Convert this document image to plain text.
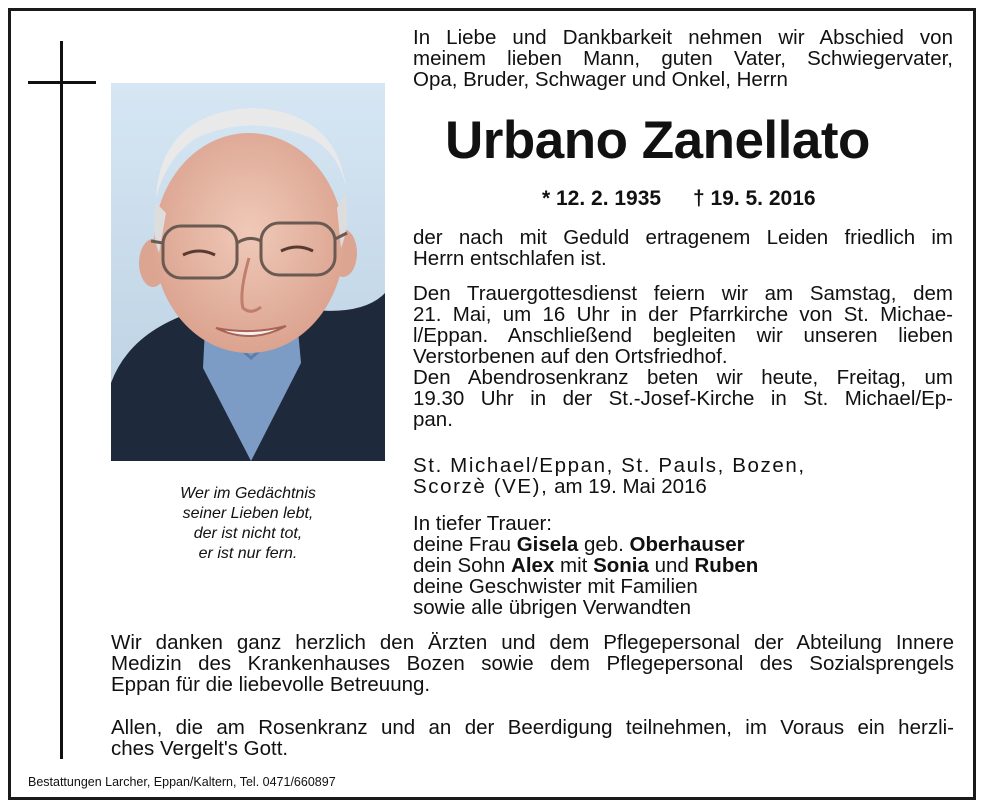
In Liebe und Dankbarkeit nehmen wir Abschied von
meinem lieben Mann, guten Vater, Schwiegervater,
Opa, Bruder, Schwager und Onkel, Herrn
Urbano Zanellato
* 12. 2. 1935 † 19. 5. 2016
der nach mit Geduld ertragenem Leiden friedlich im
Herrn entschlafen ist.
Den Trauergottesdienst feiern wir am Samstag, dem
21. Mai, um 16 Uhr in der Pfarrkirche von St. Michae-
l/Eppan. Anschließend begleiten wir unseren lieben
Verstorbenen auf den Ortsfriedhof.
Den Abendrosenkranz beten wir heute, Freitag, um
19.30 Uhr in der St.-Josef-Kirche in St. Michael/Ep-
pan.
St. Michael/Eppan, St. Pauls, Bozen,
Scorzè (VE), am 19. Mai 2016
In tiefer Trauer:
deine Frau Gisela geb. Oberhauser
dein Sohn Alex mit Sonia und Ruben
deine Geschwister mit Familien
sowie alle übrigen Verwandten
Wer im Gedächtnis
seiner Lieben lebt,
der ist nicht tot,
er ist nur fern.
Wir danken ganz herzlich den Ärzten und dem Pflegepersonal der Abteilung Innere
Medizin des Krankenhauses Bozen sowie dem Pflegepersonal des Sozialsprengels
Eppan für die liebevolle Betreuung.
Allen, die am Rosenkranz und an der Beerdigung teilnehmen, im Voraus ein herzli-
ches Vergelt's Gott.
Bestattungen Larcher, Eppan/Kaltern, Tel. 0471/660897
